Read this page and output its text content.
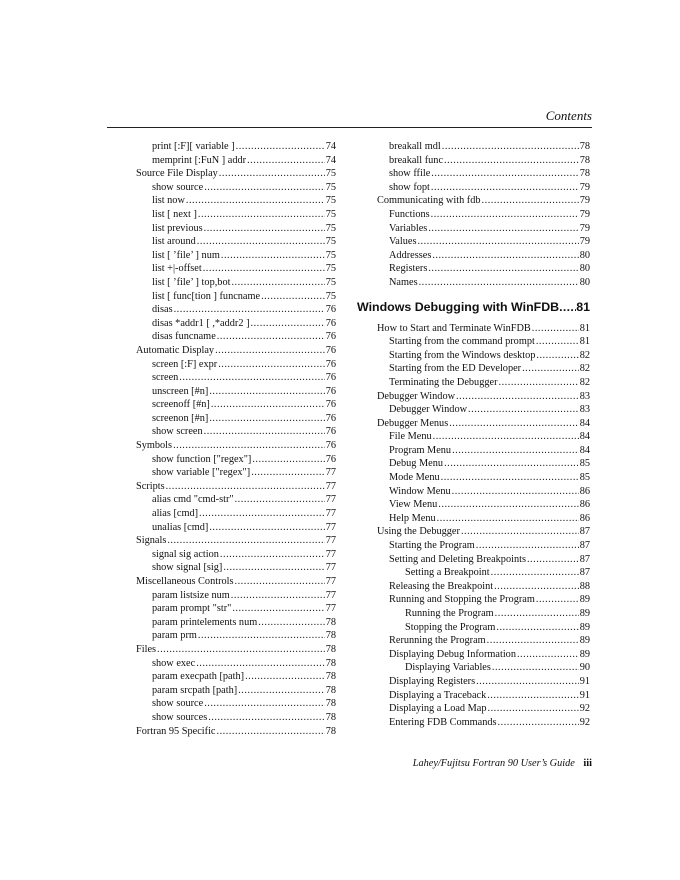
Contents
print [:F][ variable ] .....	74
memprint [:FuN ] addr .....	74
Source File Display .....	75
show source .....	75
list now .....	75
list [ next ] .....	75
list previous .....	75
list around .....	75
list [ ’file’ ] num .....	75
list +|-offset .....	75
list [ ’file’ ] top,bot .....	75
list [ func[tion ] funcname .....	75
disas .....	76
disas *addr1 [ ,*addr2 ] .....	76
disas funcname .....	76
Automatic Display .....	76
screen [:F] expr .....	76
screen .....	76
unscreen [#n] .....	76
screenoff [#n] .....	76
screenon [#n] .....	76
show screen .....	76
Symbols .....	76
show function ["regex"] .....	76
show variable ["regex"] .....	77
Scripts .....	77
alias cmd "cmd-str" .....	77
alias [cmd] .....	77
unalias [cmd] .....	77
Signals .....	77
signal sig action .....	77
show signal [sig] .....	77
Miscellaneous Controls .....	77
param listsize num .....	77
param prompt "str" .....	77
param printelements num .....	78
param prm .....	78
Files .....	78
show exec .....	78
param execpath [path] .....	78
param srcpath [path] .....	78
show source .....	78
show sources .....	78
Fortran 95 Specific .....	78
breakall mdl .....	78
breakall func .....	78
show ffile .....	78
show fopt .....	79
Communicating with fdb .....	79
Functions .....	79
Variables .....	79
Values .....	79
Addresses .....	80
Registers .....	80
Names .....	80
Windows Debugging with WinFDB ..... 81
How to Start and Terminate WinFDB .....	81
Starting from the command prompt .....	81
Starting from the Windows desktop .....	82
Starting from the ED Developer .....	82
Terminating the Debugger .....	82
Debugger Window .....	83
Debugger Window .....	83
Debugger Menus .....	84
File Menu .....	84
Program Menu .....	84
Debug Menu .....	85
Mode Menu .....	85
Window Menu .....	86
View Menu .....	86
Help Menu .....	86
Using the Debugger .....	87
Starting the Program .....	87
Setting and Deleting Breakpoints .....	87
Setting a Breakpoint .....	87
Releasing the Breakpoint .....	88
Running and Stopping the Program .....	89
Running the Program .....	89
Stopping the Program .....	89
Rerunning the Program .....	89
Displaying Debug Information .....	89
Displaying Variables .....	90
Displaying Registers .....	91
Displaying a Traceback .....	91
Displaying a Load Map .....	92
Entering FDB Commands .....	92
Lahey/Fujitsu Fortran 90 User’s Guide iii
